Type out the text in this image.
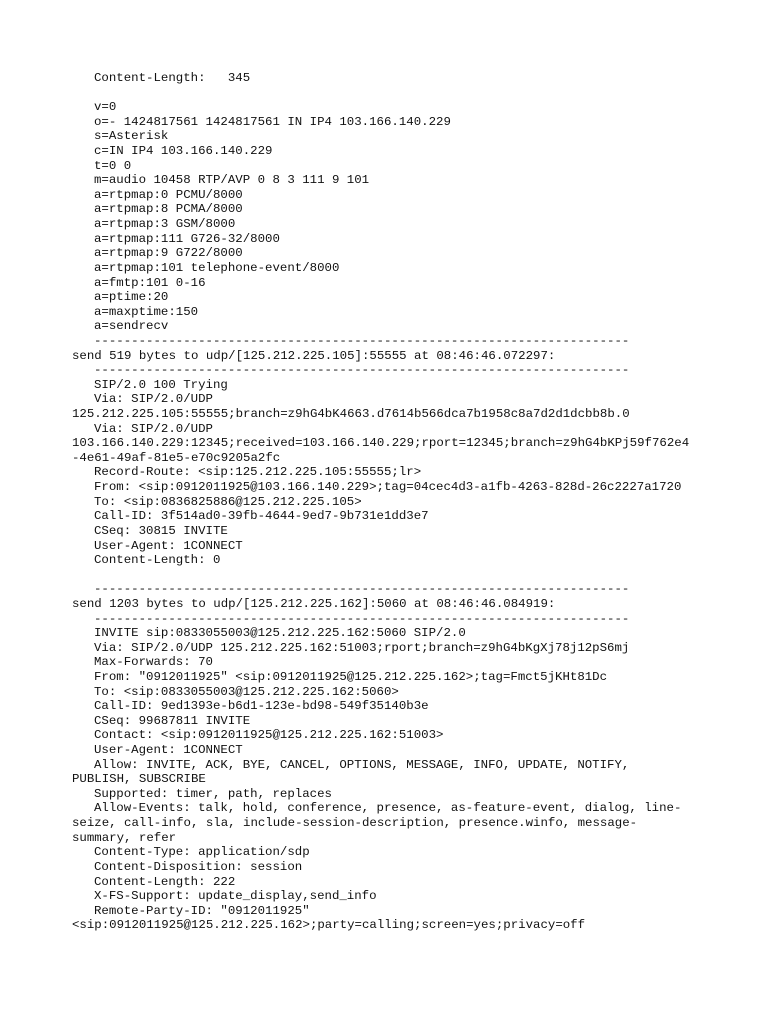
Content-Length:   345
v=0
o=- 1424817561 1424817561 IN IP4 103.166.140.229
s=Asterisk
c=IN IP4 103.166.140.229
t=0 0
m=audio 10458 RTP/AVP 0 8 3 111 9 101
a=rtpmap:0 PCMU/8000
a=rtpmap:8 PCMA/8000
a=rtpmap:3 GSM/8000
a=rtpmap:111 G726-32/8000
a=rtpmap:9 G722/8000
a=rtpmap:101 telephone-event/8000
a=fmtp:101 0-16
a=ptime:20
a=maxptime:150
a=sendrecv
------------------------------------------------------------------------
send 519 bytes to udp/[125.212.225.105]:55555 at 08:46:46.072297:
------------------------------------------------------------------------
SIP/2.0 100 Trying
Via: SIP/2.0/UDP
125.212.225.105:55555;branch=z9hG4bK4663.d7614b566dca7b1958c8a7d2d1dcbb8b.0
Via: SIP/2.0/UDP
103.166.140.229:12345;received=103.166.140.229;rport=12345;branch=z9hG4bKPj59f762e4
-4e61-49af-81e5-e70c9205a2fc
Record-Route: <sip:125.212.225.105:55555;lr>
From: <sip:0912011925@103.166.140.229>;tag=04cec4d3-a1fb-4263-828d-26c2227a1720
To: <sip:0836825886@125.212.225.105>
Call-ID: 3f514ad0-39fb-4644-9ed7-9b731e1dd3e7
CSeq: 30815 INVITE
User-Agent: 1CONNECT
Content-Length: 0
------------------------------------------------------------------------
send 1203 bytes to udp/[125.212.225.162]:5060 at 08:46:46.084919:
------------------------------------------------------------------------
INVITE sip:0833055003@125.212.225.162:5060 SIP/2.0
Via: SIP/2.0/UDP 125.212.225.162:51003;rport;branch=z9hG4bKgXj78j12pS6mj
Max-Forwards: 70
From: "0912011925" <sip:0912011925@125.212.225.162>;tag=Fmct5jKHt81Dc
To: <sip:0833055003@125.212.225.162:5060>
Call-ID: 9ed1393e-b6d1-123e-bd98-549f35140b3e
CSeq: 99687811 INVITE
Contact: <sip:0912011925@125.212.225.162:51003>
User-Agent: 1CONNECT
Allow: INVITE, ACK, BYE, CANCEL, OPTIONS, MESSAGE, INFO, UPDATE, NOTIFY,
PUBLISH, SUBSCRIBE
Supported: timer, path, replaces
Allow-Events: talk, hold, conference, presence, as-feature-event, dialog, line-
seize, call-info, sla, include-session-description, presence.winfo, message-
summary, refer
Content-Type: application/sdp
Content-Disposition: session
Content-Length: 222
X-FS-Support: update_display,send_info
Remote-Party-ID: "0912011925"
<sip:0912011925@125.212.225.162>;party=calling;screen=yes;privacy=off
